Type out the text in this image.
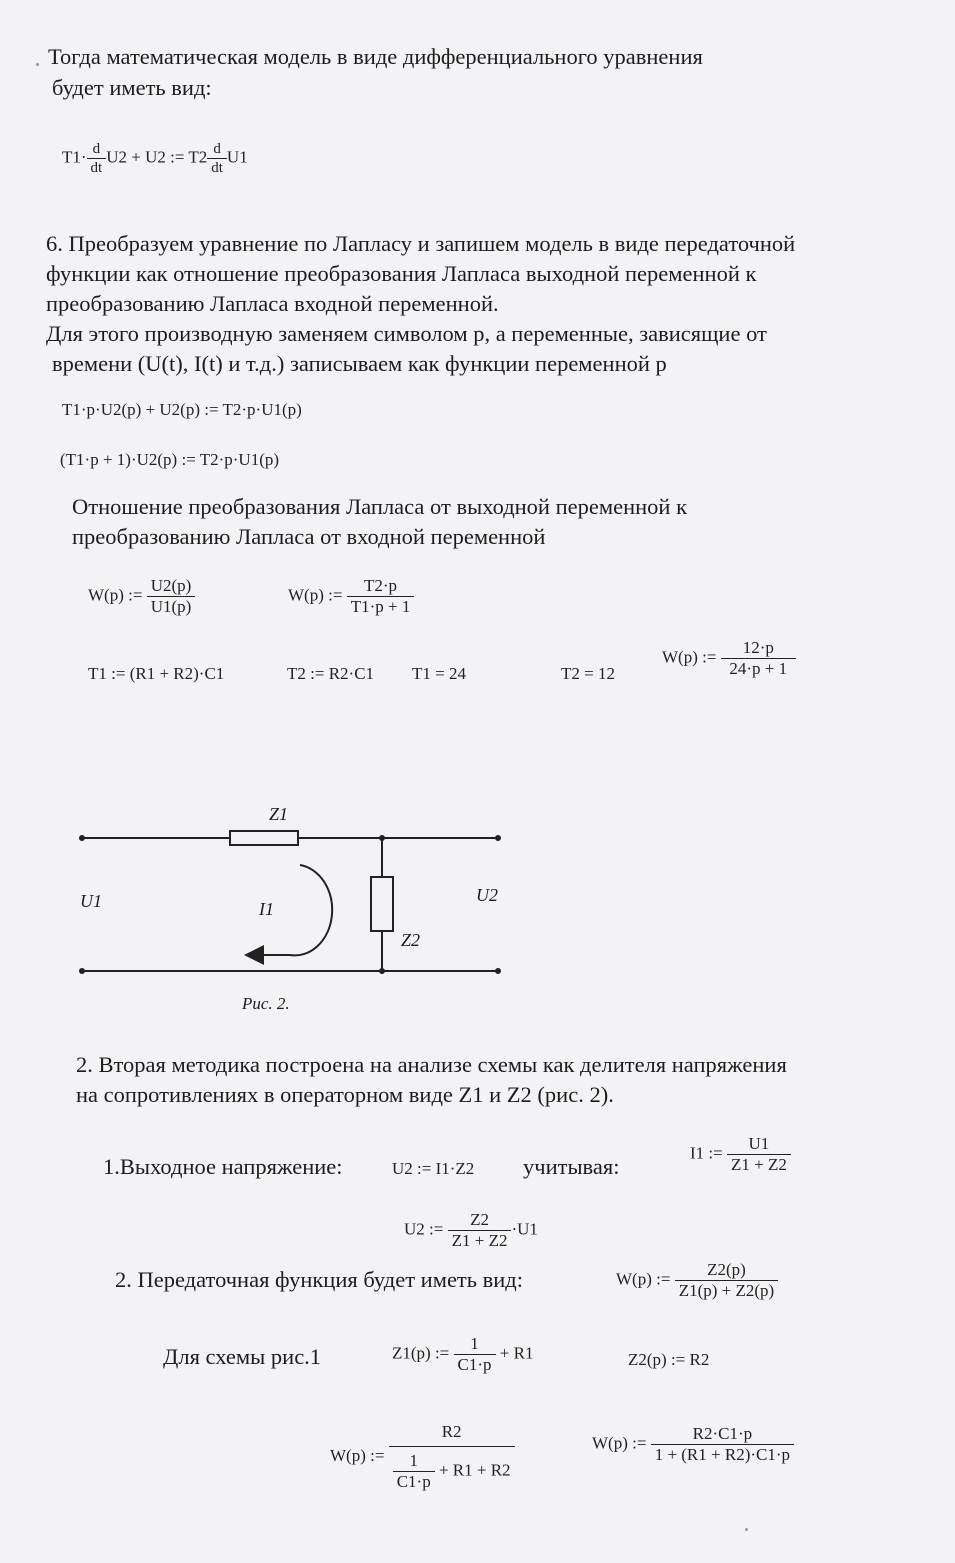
Тогда математическая модель в виде дифференциального уравнения
будет иметь вид:
$T1\cdot \frac{d}{dt} U2 + U2$ := $T2 \frac{d}{dt} U1$
6. Преобразуем уравнение по Лапласу и запишем модель в виде передаточной
функции как отношение преобразования Лапласа выходной переменной к
преобразованию Лапласа входной переменной.
Для этого производную заменяем символом p, а переменные, зависящие от
времени (U(t), I(t) и т.д.) записываем как функции переменной p
T1·p·U2(p) + U2(p) := T2·p·U1(p)
(T1·p + 1)·U2(p) := T2·p·U1(p)
Отношение преобразования Лапласа от выходной переменной к
преобразованию Лапласа от входной переменной
W(p) := $\frac{U2(p)}{U1(p)}$	W(p) := $\frac{T2\cdot p}{T1\cdot p + 1}$
T1 := (R1 + R2)·C1	T2 := R2·C1 T1 = 24	T2 = 12
W(p) := $\frac{12\cdot p}{24\cdot p + 1}$
Z1
Z2
U1	U2
I1
Рис. 2.
2. Вторая методика построена на анализе схемы как делителя напряжения
на сопротивлениях в операторном виде Z1 и Z2 (рис. 2).
1.Выходное напряжение:	U2 := I1·Z2 учитывая:
I1 := $\frac{U1}{Z1 + Z2}$
U2 := $\frac{Z2}{Z1 + Z2} \cdot U1$
2. Передаточная функция будет иметь вид:	W(p) := $\frac{Z2(p)}{Z1(p) + Z2(p)}$
Для схемы рис.1	Z1(p) := $\frac{1}{C1\cdot p} + R1$	Z2(p) := R2
W(p) := $\frac{R2}{\frac{1}{C1\cdot p} + R1 + R2}$	W(p) := $\frac{R2\cdot C1\cdot p}{1 + (R1 + R2)\cdot C1\cdot p}$
